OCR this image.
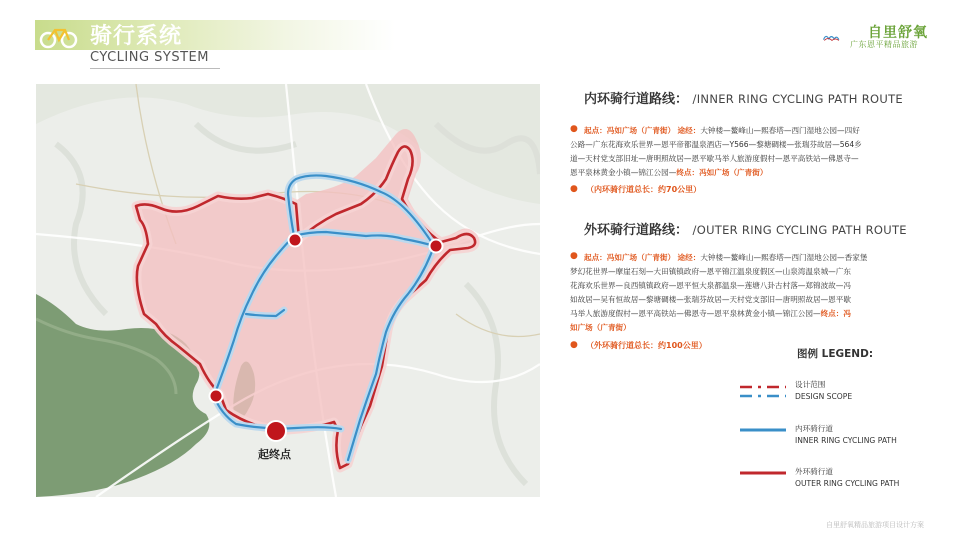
骑行系统
CYCLING SYSTEM
自里舒氧
广东恩平精品旅游
起终点
内环骑行道路线： /INNER RING CYCLING PATH ROUTE
● 起点：冯如广场（广青街） 途经：大钟楼—鳌峰山—熙春塔—西门湿地公园—四好
公路—广东花海欢乐世界—恩平帝都温泉酒店—Y566—黎塘碉楼—张瑞芬故居—564乡
道—天村党支部旧址—唐明照故居—恩平歇马举人旅游度假村—恩平高铁站—佛恩寺—
恩平泉林黄金小镇—锦江公园—终点：冯如广场（广青街）
● （内环骑行道总长：约70公里）
外环骑行道路线： /OUTER RING CYCLING PATH ROUTE
● 起点：冯如广场（广青街） 途经：大钟楼—鳌峰山—熙春塔—西门湿地公园—香家堡
梦幻花世界—摩崖石刻—大田镇镇政府—恩平锦江温泉度假区—山泉湾温泉城—广东
花海欢乐世界—良西镇镇政府—恩平恒大泉都温泉—莲塘八卦古村落—郑锦波故—冯
如故居—吴有恒故居—黎塘碉楼—张瑞芬故居—天村党支部旧—唐明照故居—恩平歇
马举人旅游度假村—恩平高铁站—佛恩寺—恩平泉林黄金小镇—锦江公园—终点：冯
如广场（广青街）
● （外环骑行道总长：约100公里）
图例 LEGEND:
设计范围
DESIGN SCOPE
内环骑行道
INNER RING CYCLING PATH
外环骑行道
OUTER RING CYCLING PATH
自里舒氧精品旅游项目设计方案
